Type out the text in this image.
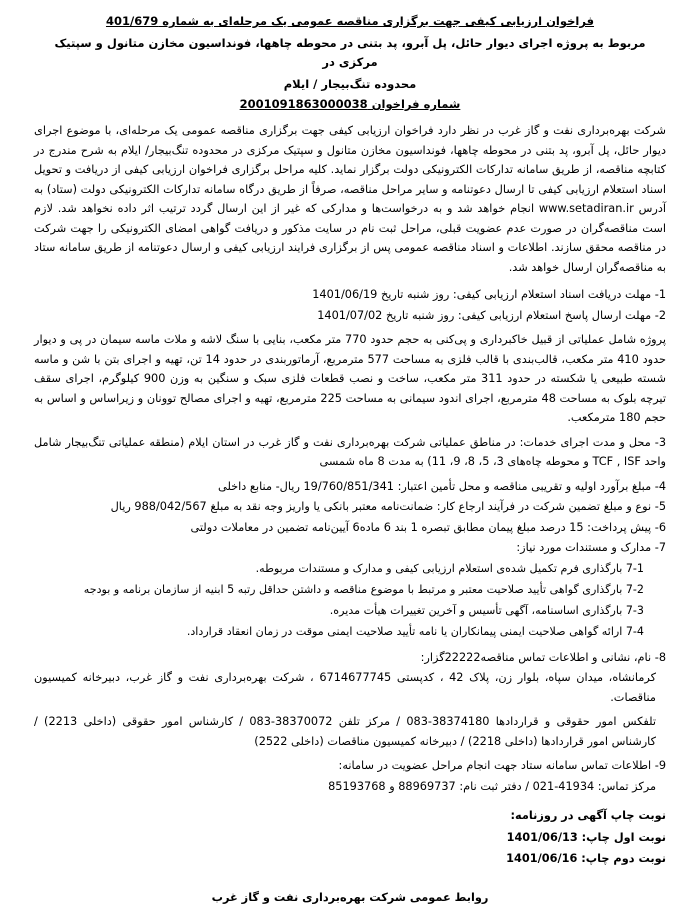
فراخوان ارزیابی کیفی جهت برگزاری مناقصه عمومی یک مرحله‌ای به شماره 401/679
مربوط به پروژه اجرای دیوار حائل، پل آبرو، پد بتنی در محوطه چاهها، فونداسیون مخازن متانول و سپتیک مرکزی در
محدوده تنگ‌بیجار / ایلام
شماره فراخوان 2001091863000038

شرکت بهره‌برداری نفت و گاز غرب در نظر دارد فراخوان ارزیابی کیفی جهت برگزاری مناقصه عمومی یک مرحله‌ای، با موضوع اجرای دیوار حائل، پل آبرو، پد بتنی در محوطه چاهها، فونداسیون مخازن متانول و سپتیک مرکزی در محدوده تنگ‌بیجار/ ایلام به شرح مندرج در کتابچه مناقصه، از طریق سامانه تدارکات الکترونیکی دولت برگزار نماید. کلیه مراحل برگزاری فراخوان ارزیابی کیفی از دریافت و تحویل اسناد استعلام ارزیابی کیفی تا ارسال دعوتنامه و سایر مراحل مناقصه، صرفاً از طریق درگاه سامانه تدارکات الکترونیکی دولت (ستاد) به آدرس www.setadiran.ir انجام خواهد شد و به درخواست‌ها و مدارکی که غیر از این ارسال گردد ترتیب اثر داده نخواهد شد. لازم است مناقصه‌گران در صورت عدم عضویت قبلی، مراحل ثبت نام در سایت مذکور و دریافت گواهی امضای الکترونیکی را جهت شرکت در مناقصه محقق سازند. اطلاعات و اسناد مناقصه عمومی پس از برگزاری فرایند ارزیابی کیفی و ارسال دعوتنامه از طریق سامانه ستاد به مناقصه‌گران ارسال خواهد شد.

1- مهلت دریافت اسناد استعلام ارزیابی کیفی: روز شنبه تاریخ 1401/06/19
2- مهلت ارسال پاسخ استعلام ارزیابی کیفی: روز شنبه تاریخ 1401/07/02
پروژه شامل عملیاتی از قبیل خاکبرداری و پی‌کنی به حجم حدود 770 متر مکعب، بنایی با سنگ لاشه و ملات ماسه سیمان در پی و دیوار حدود 410 متر مکعب، قالب‌بندی با قالب فلزی به مساحت 577 مترمربع، آرماتوربندی در حدود 14 تن، تهیه و اجرای بتن با شن و ماسه شسته طبیعی یا شکسته در حدود 311 متر مکعب، ساخت و نصب قطعات فلزی سبک و سنگین به وزن 900 کیلوگرم، اجرای سقف تیرچه بلوک به مساحت 48 مترمربع، اجرای اندود سیمانی به مساحت 225 مترمربع، تهیه و اجرای مصالح توونان و زیراساس و اساس به حجم 180 مترمکعب.
3- محل و مدت اجرای خدمات: در مناطق عملیاتی شرکت بهره‌برداری نفت و گاز غرب در استان ایلام (منطقه عملیاتی تنگ‌بیجار شامل واحد TCF , ISF و محوطه چاه‌های 3، 5، 8، 9، 11) به مدت 8 ماه شمسی
4- مبلغ برآورد اولیه و تقریبی مناقصه و محل تأمین اعتبار: 19/760/851/341 ریال- منابع داخلی
5- نوع و مبلغ تضمین شرکت در فرآیند ارجاع کار: ضمانت‌نامه معتبر بانکی یا واریز وجه نقد به مبلغ 988/042/567 ریال
6- پیش پرداخت: 15 درصد مبلغ پیمان مطابق تبصره 1 بند 6 ماده6 آیین‌نامه تضمین در معاملات دولتی
7- مدارک و مستندات مورد نیاز:
7-1 بارگذاری فرم تکمیل شده‌ی استعلام ارزیابی کیفی و مدارک و مستندات مربوطه.
7-2 بارگذاری گواهی تأیید صلاحیت معتبر و مرتبط با موضوع مناقصه و داشتن حداقل رتبه 5 ابنیه از سازمان برنامه و بودجه
7-3 بارگذاری اساسنامه، آگهی تأسیس و آخرین تغییرات هیأت مدیره.
7-4 ارائه گواهی صلاحیت ایمنی پیمانکاران یا نامه تأیید صلاحیت ایمنی موقت در زمان انعقاد قرارداد.
8- نام، نشانی و اطلاعات تماس مناقصه22222گزار:
کرمانشاه، میدان سپاه، بلوار زن، پلاک 42 ، کدپستی 6714677745 ، شرکت بهره‌برداری نفت و گاز غرب، دبیرخانه کمیسیون مناقصات.
تلفکس امور حقوقی و قراردادها 38374180-083 / مرکز تلفن 38370072-083 / کارشناس امور حقوقی (داخلی 2213) / کارشناس امور قراردادها (داخلی 2218) / دبیرخانه کمیسیون مناقصات (داخلی 2522)
9- اطلاعات تماس سامانه ستاد جهت انجام مراحل عضویت در سامانه:
مرکز تماس: 41934-021 / دفتر ثبت نام: 88969737 و 85193768
نوبت چاپ آگهی در روزنامه:
نوبت اول چاپ: 1401/06/13
نوبت دوم چاپ: 1401/06/16
روابط عمومی شرکت بهره‌برداری نفت و گاز غرب
